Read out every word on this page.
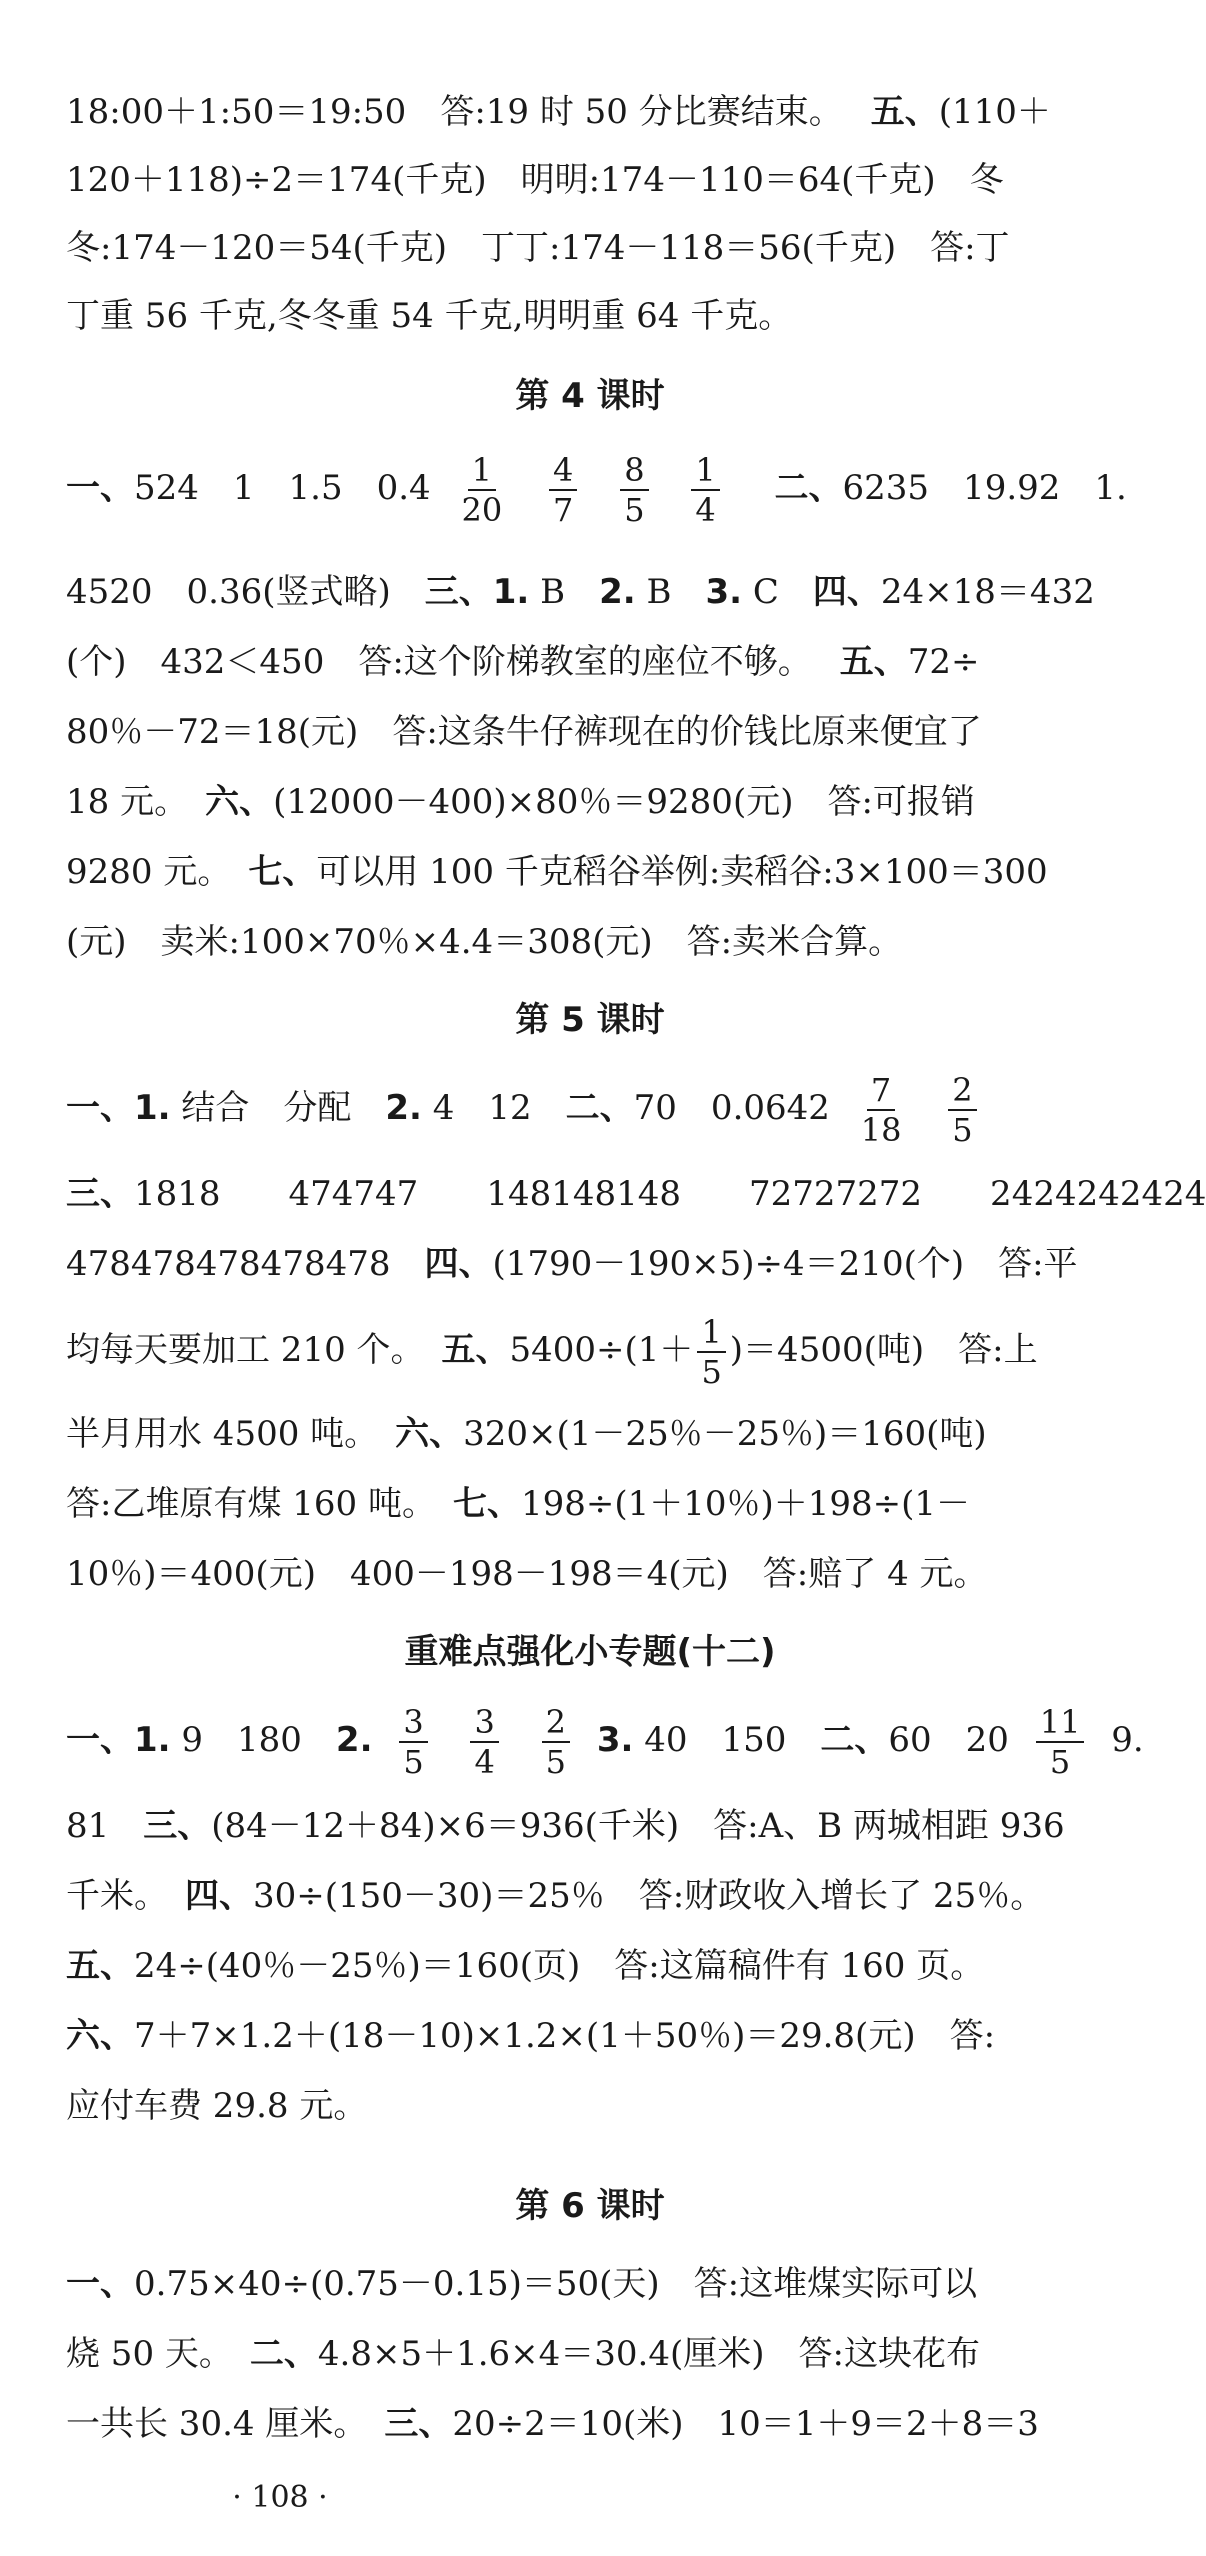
18:00＋1:50＝19:50　答:19 时 50 分比赛结束。 五、(110＋
120＋118)÷2＝174(千克)　明明:174－110＝64(千克)　冬
冬:174－120＝54(千克)　丁丁:174－118＝56(千克)　答:丁
丁重 56 千克,冬冬重 54 千克,明明重 64 千克。
第 4 课时
一、524　1　1.5　$0.4 \frac{1}{20}$
$\frac{4}{7}$
$\frac{8}{5}$
$\frac{1}{4}$ 二、6235　19.92　1.
4520　0.36(竖式略)　三、1. B　2. B　3. C　四、24×18＝432
(个)　432＜450　答:这个阶梯教室的座位不够。 五、72÷
80％－72＝18(元)　答:这条牛仔裤现在的价钱比原来便宜了
18 元。　六、(12000－400)×80％＝9280(元)　答:可报销
9280 元。　七、可以用 100 千克稻谷举例:卖稻谷:3×100＝300
(元)　卖米:100×70％×4.4＝308(元)　答:卖米合算。
第 5 课时
一、1. 结合　分配　2. 4　12　二、70　$0.0642 \frac{7}{18}$
$\frac{2}{5}$
三、1818　　474747　　148148148　　72727272　　2424242424
478478478478478　四、(1790－190×5)÷4＝210(个)　答:平
均每天要加工 210 个。　五、$5400\div(1+ \frac{1}{5} )=4500$(吨)　答:上
半月用水 4500 吨。　六、320×(1－25％－25％)＝160(吨)
答:乙堆原有煤 160 吨。　七、198÷(1＋10％)＋198÷(1－
10％)＝400(元)　400－198－198＝4(元)　答:赔了 4 元。
重难点强化小专题(十二)
一、1. 9　180　2. $\frac{3}{5}$
$\frac{3}{4}$
$\frac{2}{5} 3$. 40　150　二、60　$20 \frac{11}{5} 9$.
81　三、(84－12＋84)×6＝936(千米)　答:A、B 两城相距 936
千米。　四、30÷(150－30)＝25％　答:财政收入增长了 25％。
五、24÷(40％－25％)＝160(页)　答:这篇稿件有 160 页。
六、7＋7×1.2＋(18－10)×1.2×(1＋50％)＝29.8(元)　答:
应付车费 29.8 元。
第 6 课时
一、0.75×40÷(0.75－0.15)＝50(天)　答:这堆煤实际可以
烧 50 天。　二、4.8×5＋1.6×4＝30.4(厘米)　答:这块花布
一共长 30.4 厘米。　三、20÷2＝10(米)　10＝1＋9＝2＋8＝3
· 108 ·
